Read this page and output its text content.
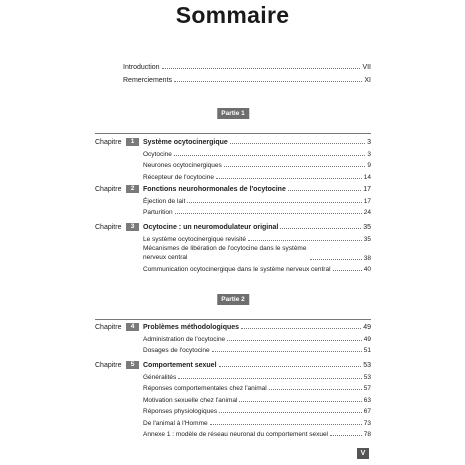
Sommaire
Introduction	VII
Remerciements	XI
Partie 1
Chapitre	1	Système ocytocinergique	3
Ocytocine	3
Neurones ocytocinergiques	9
Récepteur de l'ocytocine	14
Chapitre	2	Fonctions neurohormonales de l'ocytocine	17
Éjection de lait	17
Parturition	24
Chapitre	3	Ocytocine : un neuromodulateur original	35
Le système ocytocinergique revisité	35
Mécanismes de libération de l'ocytocine dans le système nerveux central	38
Communication ocytocinergique dans le système nerveux central	40
Partie 2
Chapitre	4	Problèmes méthodologiques	49
Administration de l'ocytocine	49
Dosages de l'ocytocine	51
Chapitre	5	Comportement sexuel	53
Généralités	53
Réponses comportementales chez l'animal	57
Motivation sexuelle chez l'animal	63
Réponses physiologiques	67
De l'animal à l'Homme	73
Annexe 1 : modèle de réseau neuronal du comportement sexuel	78
V
